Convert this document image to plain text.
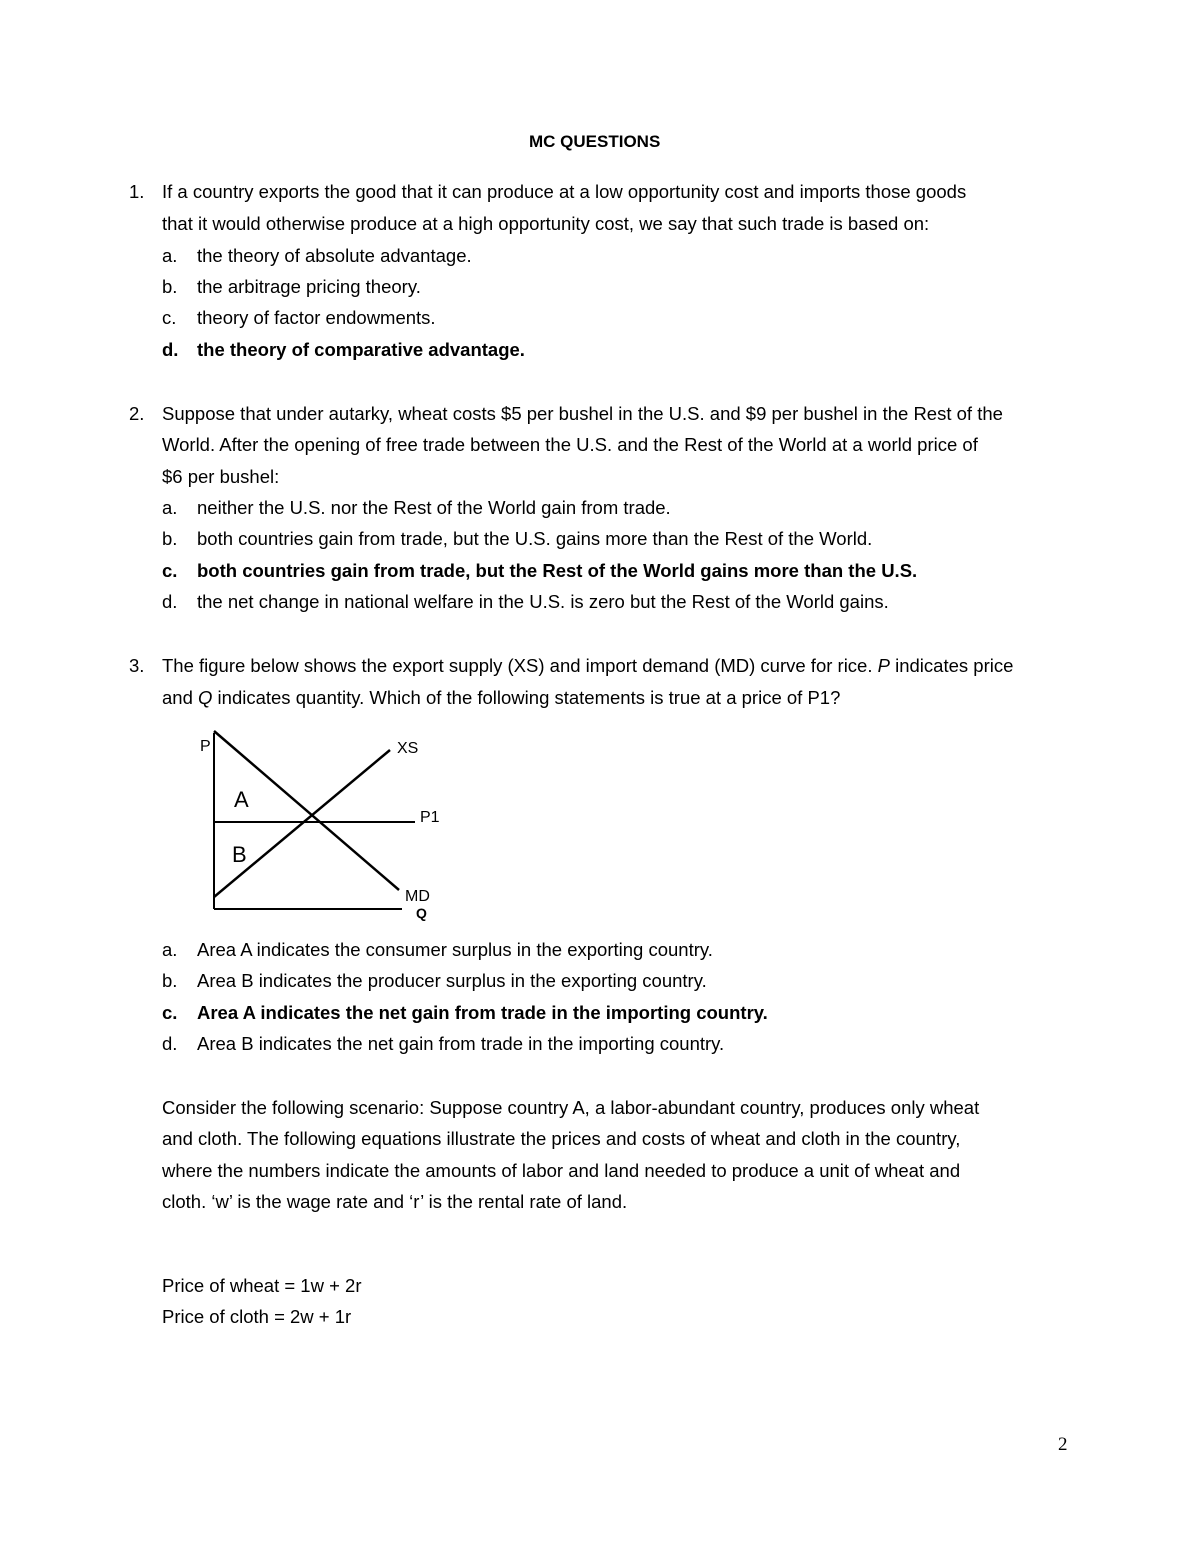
MC QUESTIONS
1. If a country exports the good that it can produce at a low opportunity cost and imports those goods
that it would otherwise produce at a high opportunity cost, we say that such trade is based on:
a. the theory of absolute advantage.
b. the arbitrage pricing theory.
c. theory of factor endowments.
d. the theory of comparative advantage.
2. Suppose that under autarky, wheat costs $5 per bushel in the U.S. and $9 per bushel in the Rest of the
World. After the opening of free trade between the U.S. and the Rest of the World at a world price of
$6 per bushel:
a. neither the U.S. nor the Rest of the World gain from trade.
b. both countries gain from trade, but the U.S. gains more than the Rest of the World.
c. both countries gain from trade, but the Rest of the World gains more than the U.S.
d. the net change in national welfare in the U.S. is zero but the Rest of the World gains.
3. The figure below shows the export supply (XS) and import demand (MD) curve for rice. P indicates price
and Q indicates quantity. Which of the following statements is true at a price of P1?
P	XS
P1
A
B
MD
Q
a. Area A indicates the consumer surplus in the exporting country.
b. Area B indicates the producer surplus in the exporting country.
c. Area A indicates the net gain from trade in the importing country.
d. Area B indicates the net gain from trade in the importing country.
Consider the following scenario: Suppose country A, a labor-abundant country, produces only wheat
and cloth. The following equations illustrate the prices and costs of wheat and cloth in the country,
where the numbers indicate the amounts of labor and land needed to produce a unit of wheat and
cloth. ‘w’ is the wage rate and ‘r’ is the rental rate of land.
Price of wheat = 1w + 2r
Price of cloth = 2w + 1r
2
